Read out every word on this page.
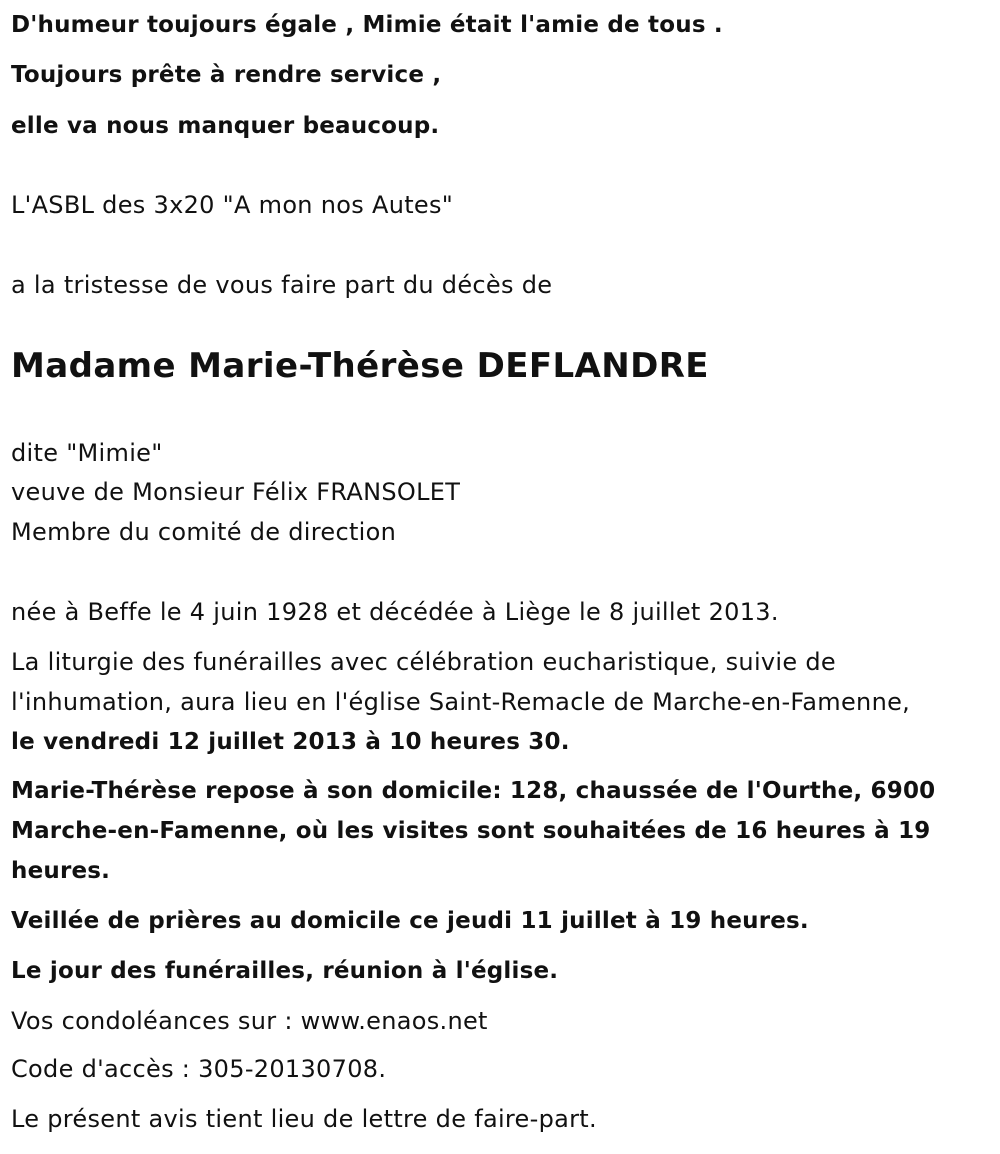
D'humeur toujours égale , Mimie était l'amie de tous .

Toujours prête à rendre service ,

elle va nous manquer beaucoup.

L'ASBL des 3x20 "A mon nos Autes"

a la tristesse de vous faire part du décès de

Madame Marie-Thérèse DEFLANDRE

dite "Mimie"

veuve de Monsieur Félix FRANSOLET

Membre du comité de direction

née à Beffe le 4 juin 1928 et décédée à Liège le 8 juillet 2013.

La liturgie des funérailles avec célébration eucharistique, suivie de

l'inhumation, aura lieu en l'église Saint-Remacle de Marche-en-Famenne,

le vendredi 12 juillet 2013 à 10 heures 30.

Marie-Thérèse repose à son domicile: 128, chaussée de l'Ourthe, 6900

Marche-en-Famenne, où les visites sont souhaitées de 16 heures à 19

heures.

Veillée de prières au domicile ce jeudi 11 juillet à 19 heures.

Le jour des funérailles, réunion à l'église.

Vos condoléances sur : www.enaos.net

Code d'accès : 305-20130708.

Le présent avis tient lieu de lettre de faire-part.
